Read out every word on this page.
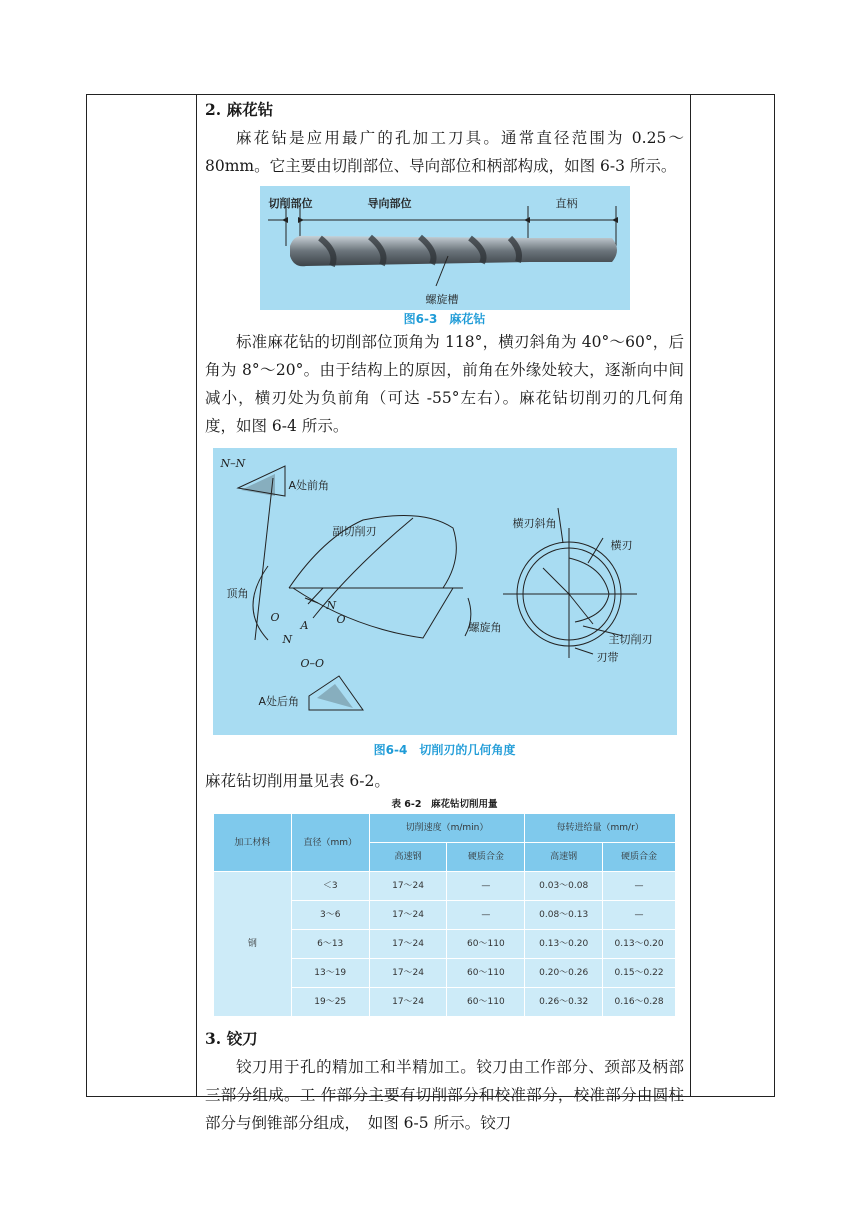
2. 麻花钻

麻花钻是应用最广的孔加工刀具。通常直径范围为 0.25～80mm。它主要由切削部位、导向部位和柄部构成，如图 6-3 所示。

切削部位	导向部位	直柄
螺旋槽
图6-3　麻花钻

标准麻花钻的切削部位顶角为 118°，横刃斜角为 40°～60°，后角为 8°～20°。由于结构上的原因，前角在外缘处较大，逐渐向中间减小，横刃处为负前角（可达 -55°左右）。麻花钻切削刃的几何角度，如图 6-4 所示。

N–N
A处前角
副切削刃
顶角
O	O
N
N
A
O–O
A处后角
螺旋角
横刃斜角
横刃
主切削刃
刃带
图6-4　切削刃的几何角度

麻花钻切削用量见表 6-2。

表 6-2　麻花钻切削用量
加工材料	直径（mm）	切削速度（m/min）		每转进给量（mm/r）	
		高速钢	硬质合金	高速钢	硬质合金
钢	＜3	17～24	—	0.03～0.08	—
	3～6	17～24	—	0.08～0.13	—
	6～13	17～24	60～110	0.13～0.20	0.13～0.20
	13～19	17～24	60～110	0.20～0.26	0.15～0.22
	19～25	17～24	60～110	0.26～0.32	0.16～0.28

3. 铰刀

铰刀用于孔的精加工和半精加工。铰刀由工作部分、颈部及柄部三部分组成。工 作部分主要有切削部分和校准部分，校准部分由圆柱部分与倒锥部分组成，　如图 6-5 所示。铰刀
